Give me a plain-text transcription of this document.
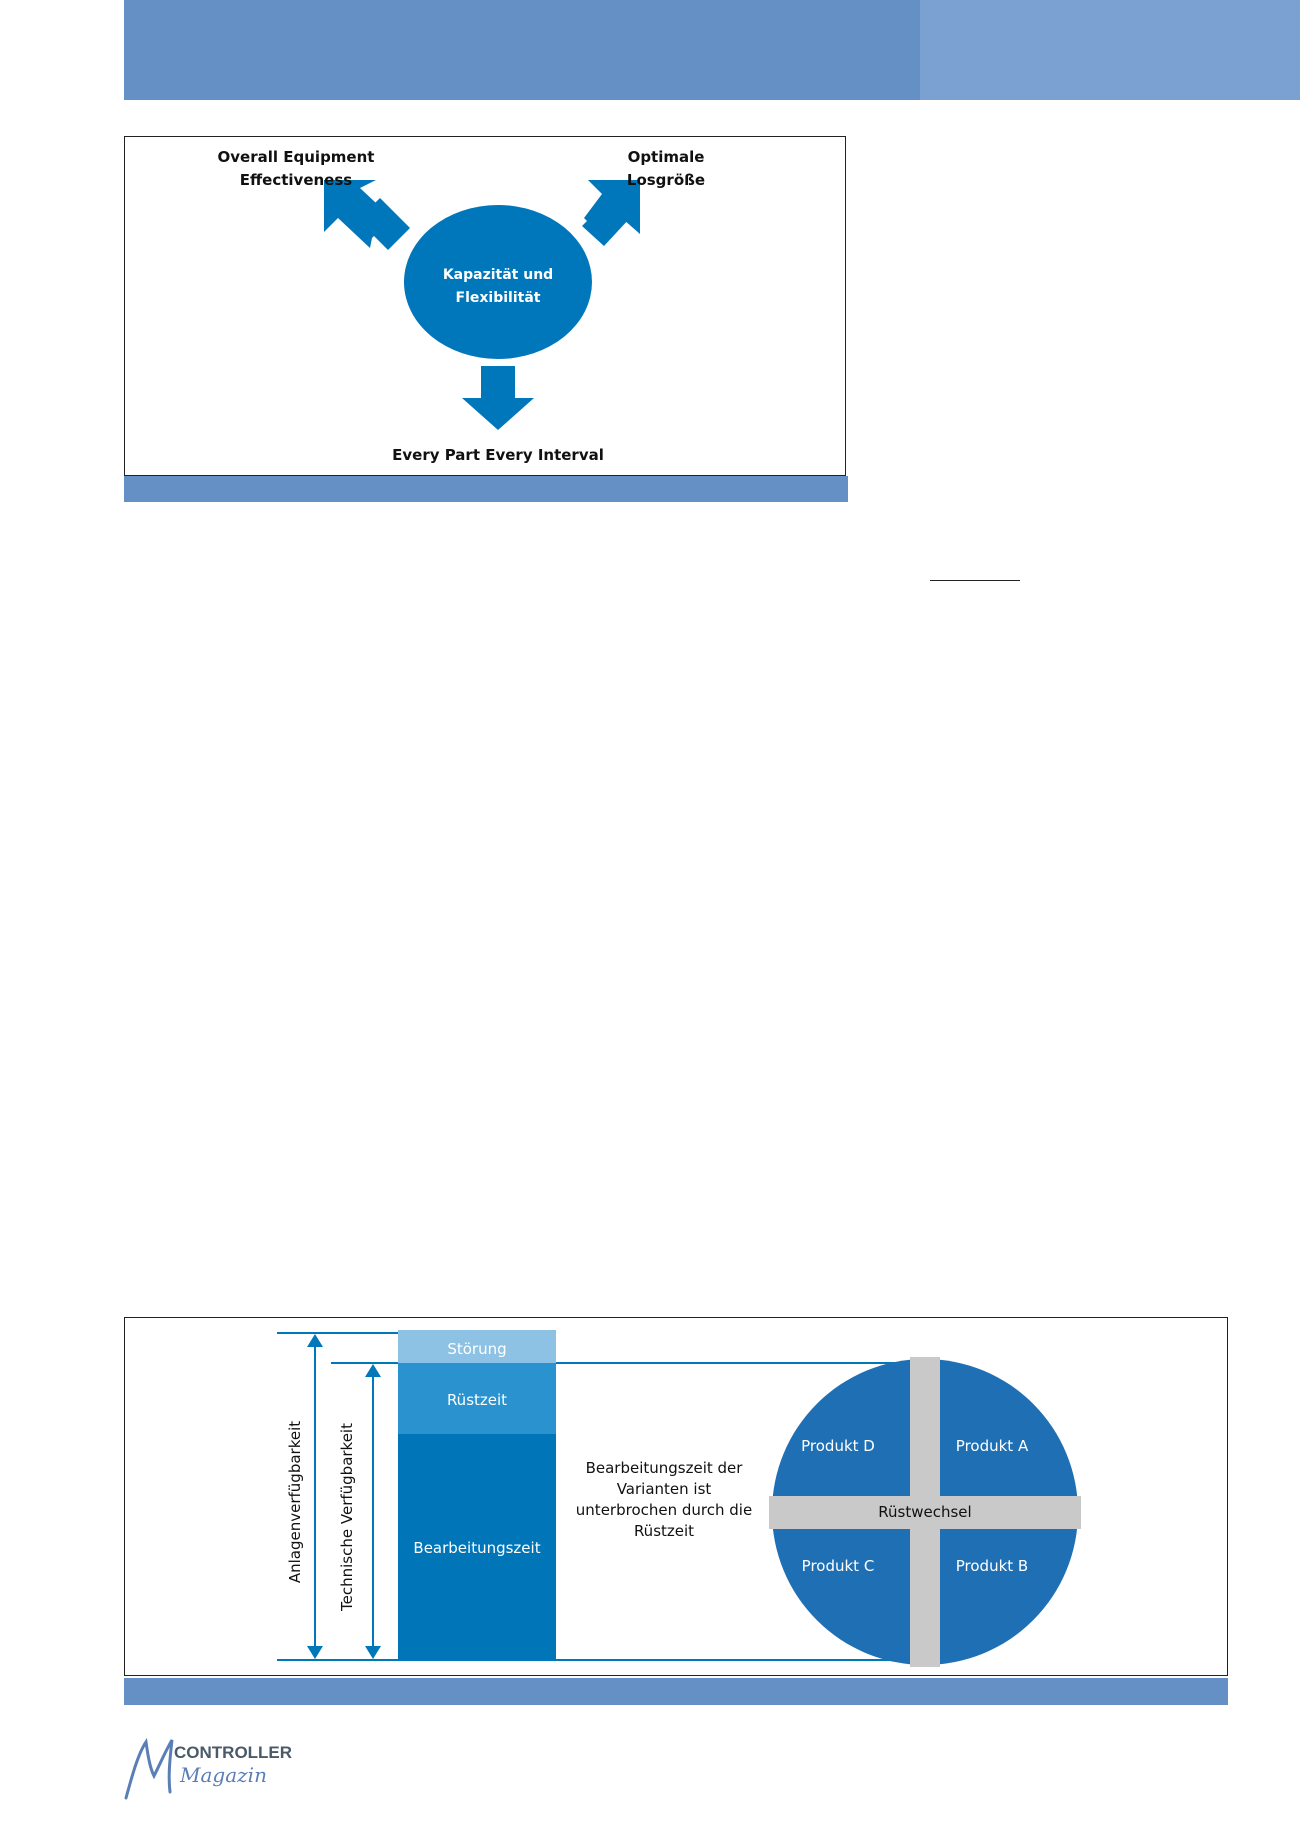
Overall Equipment
Effectiveness
Optimale
Losgröße
Kapazität und
Flexibilität
Every Part Every Interval
Störung
Rüstzeit
Bearbeitungszeit
Anlagenverfügbarkeit Technische Verfügbarkeit	Bearbeitungszeit der
Varianten ist
unterbrochen durch die
Rüstzeit
Produkt D	Produkt A
Produkt C	Produkt B
Rüstwechsel
CONTROLLER
Magazin
